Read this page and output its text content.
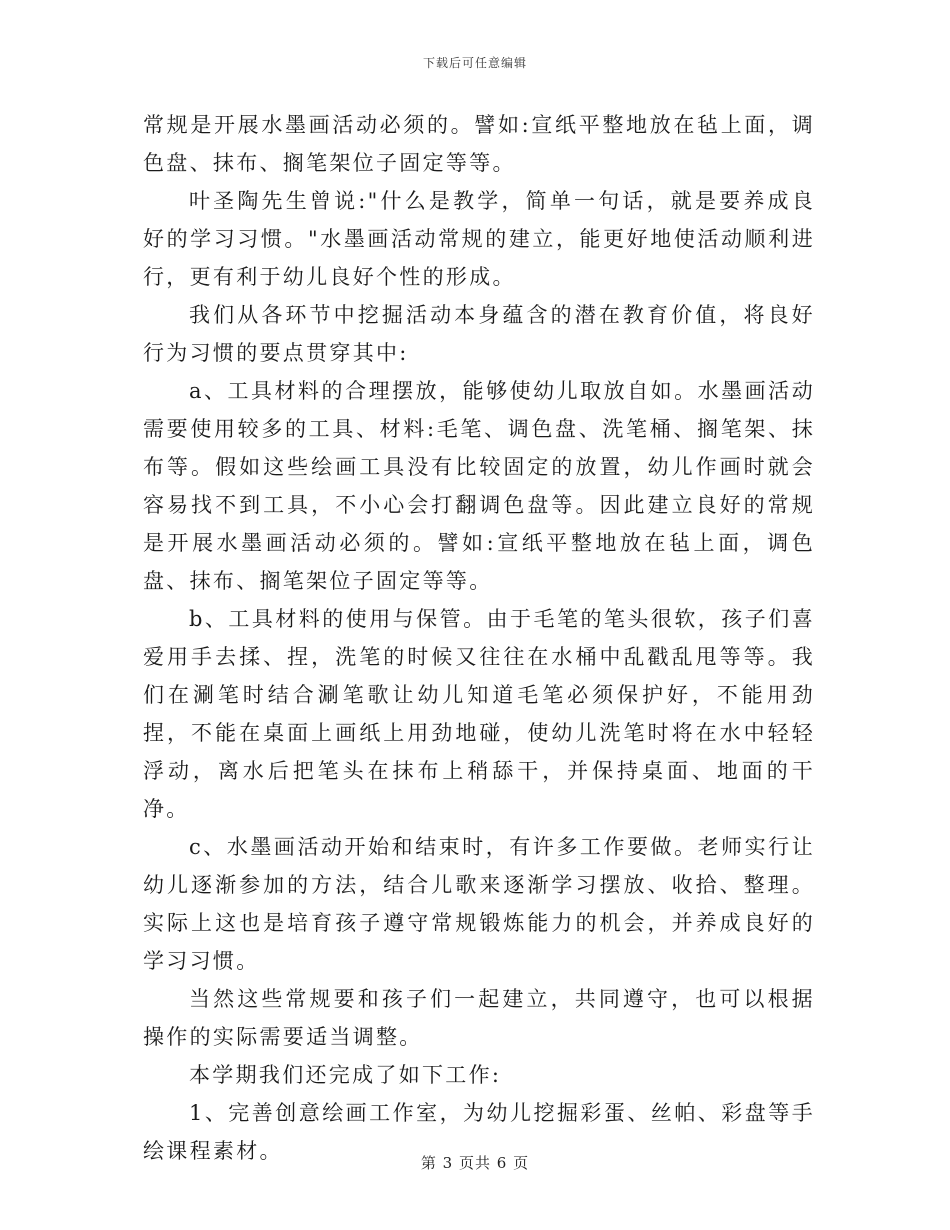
下载后可任意编辑

常规是开展水墨画活动必须的。譬如:宣纸平整地放在毡上面，调色盘、抹布、搁笔架位子固定等等。

叶圣陶先生曾说:"什么是教学，简单一句话，就是要养成良好的学习习惯。"水墨画活动常规的建立，能更好地使活动顺利进行，更有利于幼儿良好个性的形成。

我们从各环节中挖掘活动本身蕴含的潜在教育价值，将良好行为习惯的要点贯穿其中:

a、工具材料的合理摆放，能够使幼儿取放自如。水墨画活动需要使用较多的工具、材料:毛笔、调色盘、洗笔桶、搁笔架、抹布等。假如这些绘画工具没有比较固定的放置，幼儿作画时就会容易找不到工具，不小心会打翻调色盘等。因此建立良好的常规是开展水墨画活动必须的。譬如:宣纸平整地放在毡上面，调色盘、抹布、搁笔架位子固定等等。

b、工具材料的使用与保管。由于毛笔的笔头很软，孩子们喜爱用手去揉、捏，洗笔的时候又往往在水桶中乱戳乱甩等等。我们在涮笔时结合涮笔歌让幼儿知道毛笔必须保护好，不能用劲捏，不能在桌面上画纸上用劲地碰，使幼儿洗笔时将在水中轻轻浮动，离水后把笔头在抹布上稍舔干，并保持桌面、地面的干净。

c、水墨画活动开始和结束时，有许多工作要做。老师实行让幼儿逐渐参加的方法，结合儿歌来逐渐学习摆放、收拾、整理。实际上这也是培育孩子遵守常规锻炼能力的机会，并养成良好的学习习惯。

当然这些常规要和孩子们一起建立，共同遵守，也可以根据操作的实际需要适当调整。

本学期我们还完成了如下工作:

1、完善创意绘画工作室，为幼儿挖掘彩蛋、丝帕、彩盘等手绘课程素材。	第 3 页共 6 页
